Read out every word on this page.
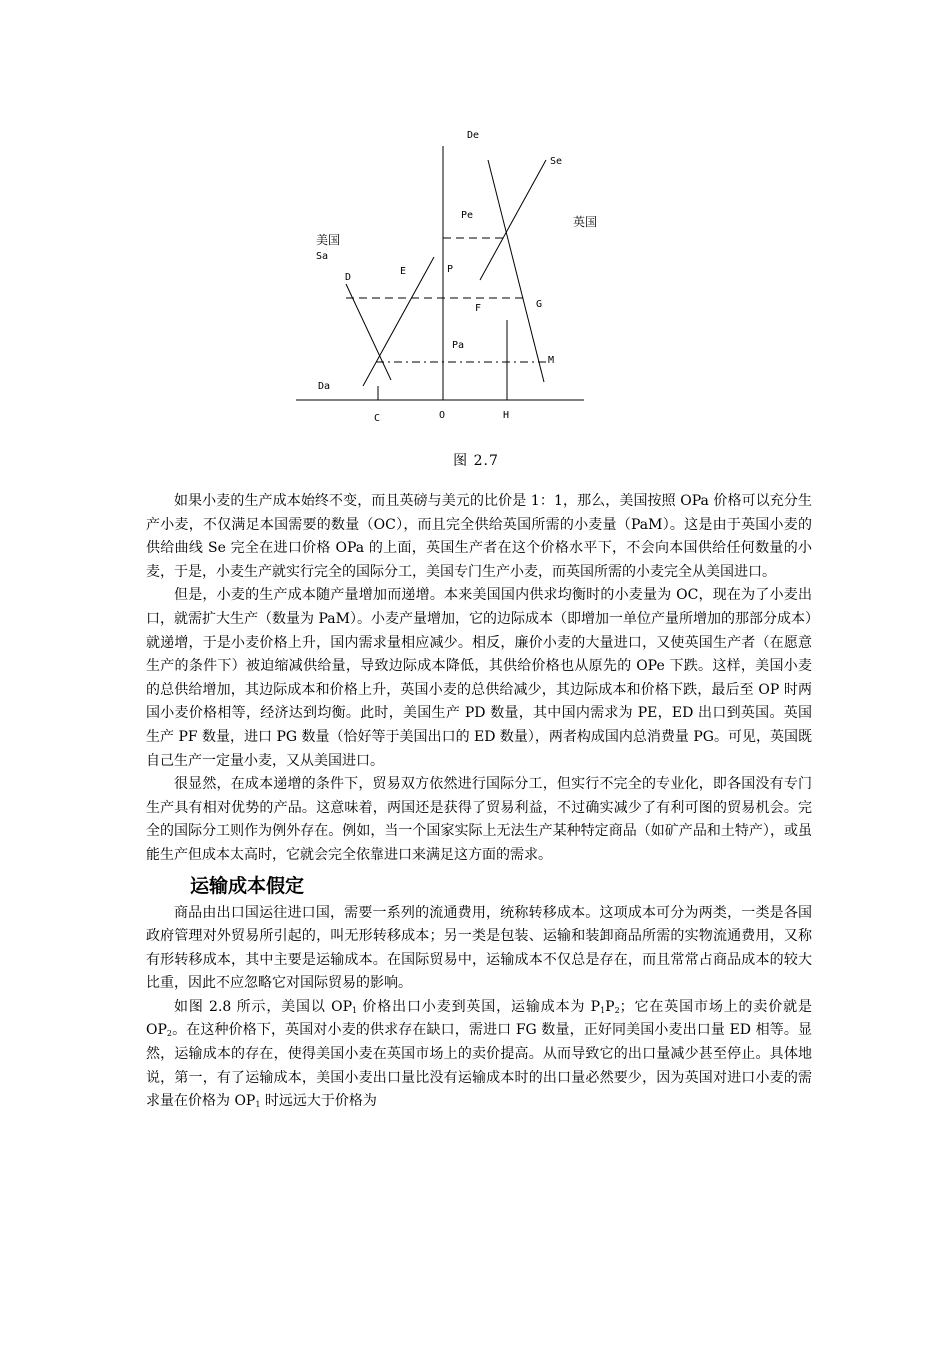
De
Se
Pe	英国
美国
Sa
D
E	P
F	G
Pa
M
Da
C	O	H
图 2.7

如果小麦的生产成本始终不变，而且英磅与美元的比价是 1：1，那么，美国按照 OPa 价格可以充分生产小麦，不仅满足本国需要的数量（OC），而且完全供给英国所需的小麦量（PaM）。这是由于英国小麦的供给曲线 Se 完全在进口价格 OPa 的上面，英国生产者在这个价格水平下，不会向本国供给任何数量的小麦，于是，小麦生产就实行完全的国际分工，美国专门生产小麦，而英国所需的小麦完全从美国进口。

但是，小麦的生产成本随产量增加而递增。本来美国国内供求均衡时的小麦量为 OC，现在为了小麦出口，就需扩大生产（数量为 PaM）。小麦产量增加，它的边际成本（即增加一单位产量所增加的那部分成本）就递增，于是小麦价格上升，国内需求量相应减少。相反，廉价小麦的大量进口，又使英国生产者（在愿意生产的条件下）被迫缩减供给量，导致边际成本降低，其供给价格也从原先的 OPe 下跌。这样，美国小麦的总供给增加，其边际成本和价格上升，英国小麦的总供给减少，其边际成本和价格下跌，最后至 OP 时两国小麦价格相等，经济达到均衡。此时，美国生产 PD 数量，其中国内需求为 PE，ED 出口到英国。英国生产 PF 数量，进口 PG 数量（恰好等于美国出口的 ED 数量），两者构成国内总消费量 PG。可见，英国既自己生产一定量小麦，又从美国进口。

很显然，在成本递增的条件下，贸易双方依然进行国际分工，但实行不完全的专业化，即各国没有专门生产具有相对优势的产品。这意味着，两国还是获得了贸易利益，不过确实减少了有利可图的贸易机会。完全的国际分工则作为例外存在。例如，当一个国家实际上无法生产某种特定商品（如矿产品和土特产），或虽能生产但成本太高时，它就会完全依靠进口来满足这方面的需求。

运输成本假定

商品由出口国运往进口国，需要一系列的流通费用，统称转移成本。这项成本可分为两类，一类是各国政府管理对外贸易所引起的，叫无形转移成本；另一类是包装、运输和装卸商品所需的实物流通费用，又称有形转移成本，其中主要是运输成本。在国际贸易中，运输成本不仅总是存在，而且常常占商品成本的较大比重，因此不应忽略它对国际贸易的影响。

如图 2.8 所示，美国以 $OP_1$ 价格出口小麦到英国，运输成本为 $P_1P_2$；它在英国市场上的卖价就是 $OP_2$。在这种价格下，英国对小麦的供求存在缺口，需进口 FG 数量，正好同美国小麦出口量 ED 相等。显然，运输成本的存在，使得美国小麦在英国市场上的卖价提高。从而导致它的出口量减少甚至停止。具体地说，第一，有了运输成本，美国小麦出口量比没有运输成本时的出口量必然要少，因为英国对进口小麦的需求量在价格为 $OP_1$ 时远远大于价格为
